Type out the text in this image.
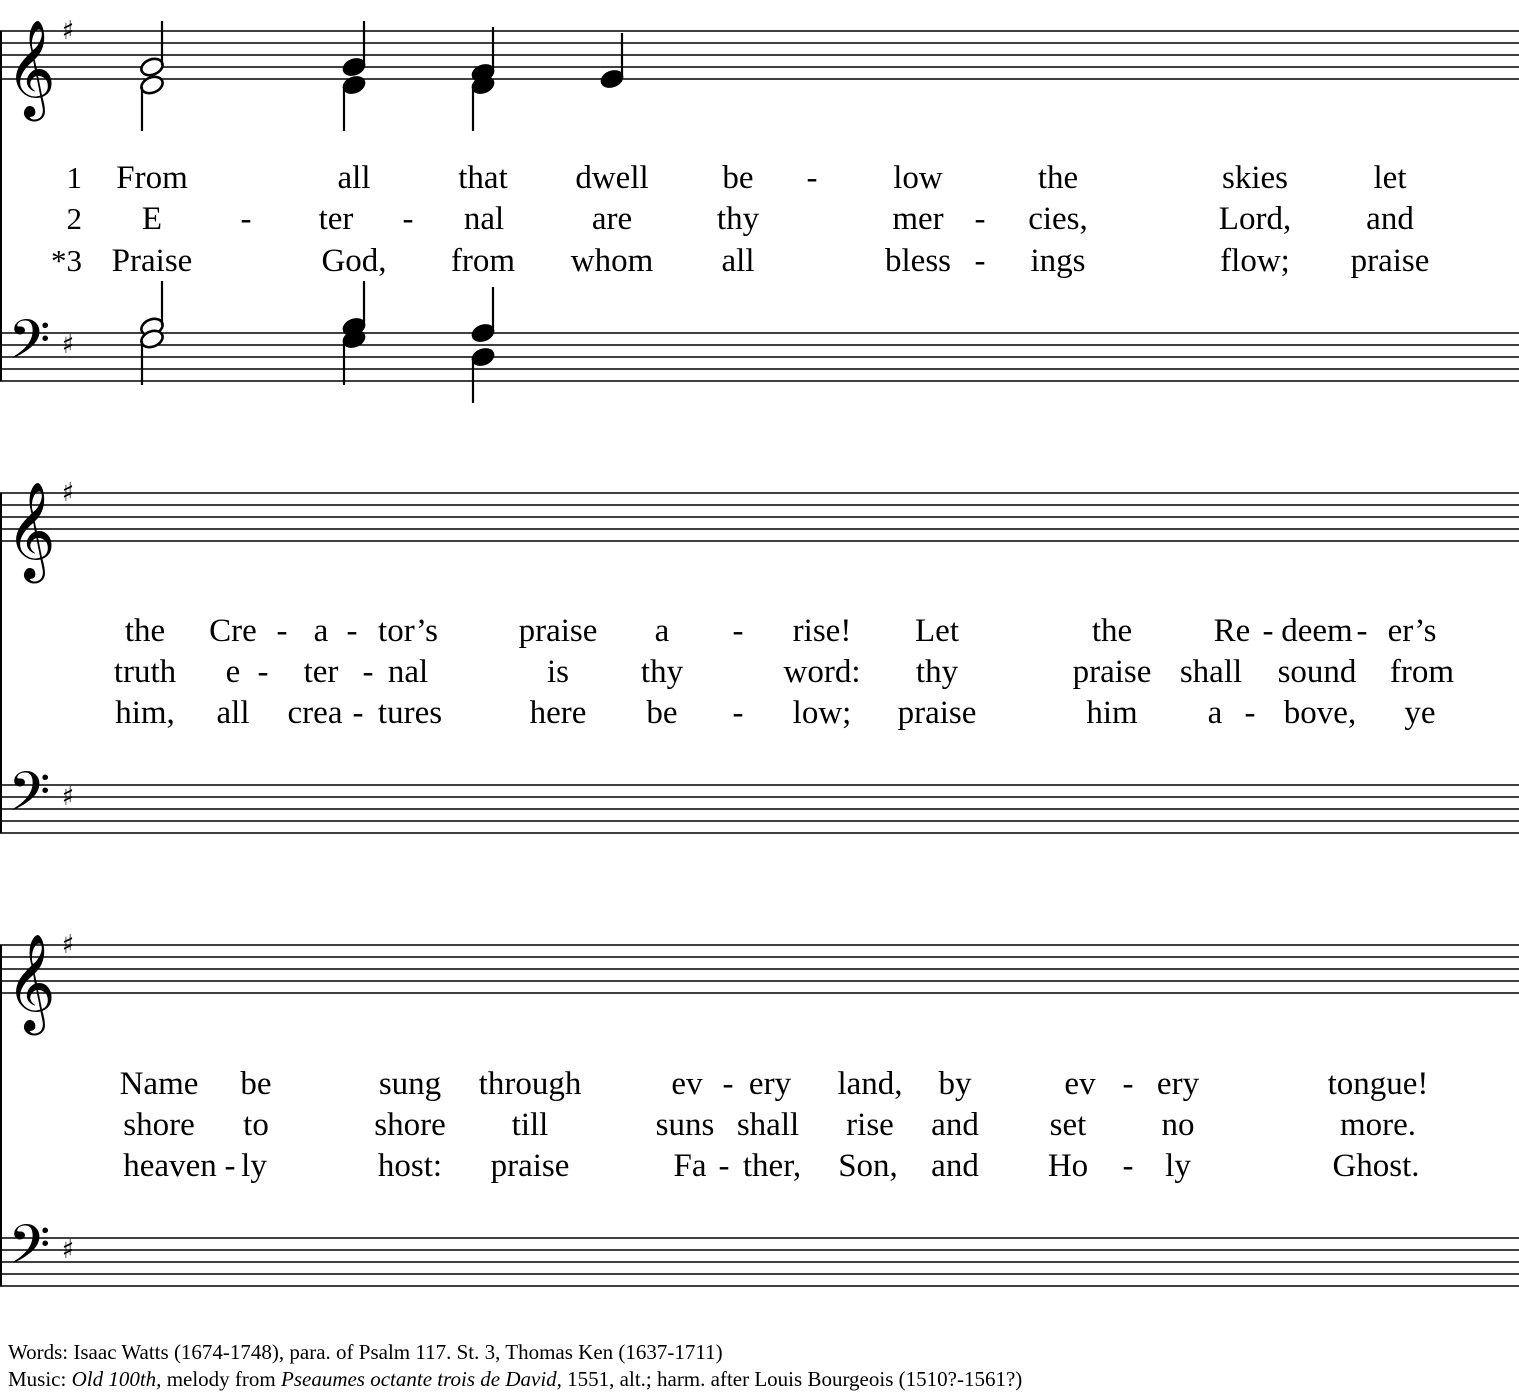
𝄞
𝄢
♯
♯
𝄞
𝄢
♯
♯
𝄞
𝄢
♯
♯
1 From	all	that dwell be - low	the	skies	let
2 E - ter - nal	are	thy	mer - cies,	Lord, and
*3 Praise	God, from whom all	bless - ings	flow; praise
the Cre - a - tor’s praise a - rise! Let	the Re - deem - er’s
truth e - ter - nal	is thy	word: thy	praise shall sound from
him, all crea - tures	here be - low; praise	him a - bove, ye
Name be	sung through	ev - ery land, by	ev - ery	tongue!
shore to	shore till	suns shall rise and set no	more.
heaven - ly	host: praise	Fa - ther, Son, and Ho - ly	Ghost.
Words: Isaac Watts (1674-1748), para. of Psalm 117. St. 3, Thomas Ken (1637-1711)
Music: Old 100th, melody from Pseaumes octante trois de David, 1551, alt.; harm. after Louis Bourgeois (1510?-1561?)
